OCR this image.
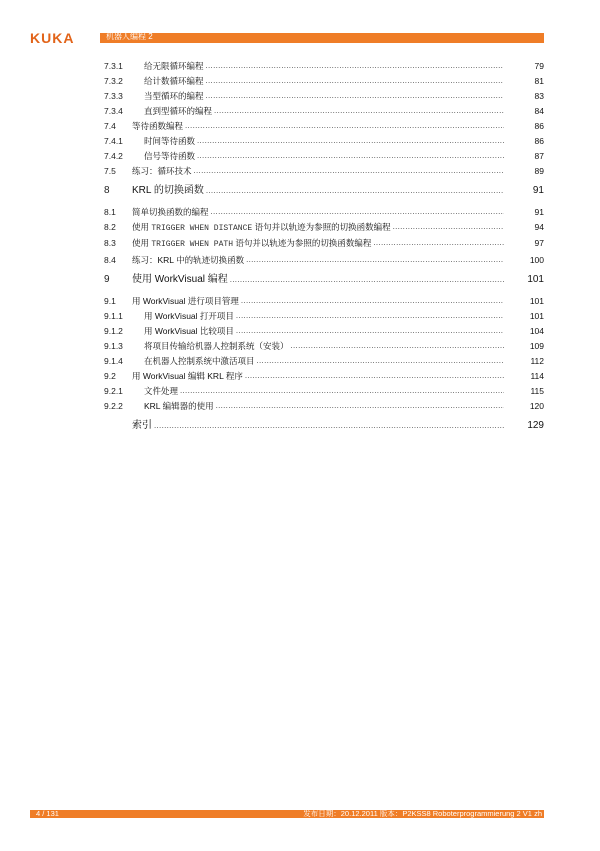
KUKA	机器人编程 2
7.3.1 给无限循环编程 .....	79
7.3.2 给计数循环编程 .....	81
7.3.3 当型循环的编程 .....	83
7.3.4 直到型循环的编程 .....	84
7.4 等待函数编程 .....	86
7.4.1 时间等待函数 .....	86
7.4.2 信号等待函数 .....	87
7.5 练习：循环技术 .....	89
8 KRL 的切换函数 .....	91
8.1 简单切换函数的编程 .....	91
8.2 使用 TRIGGER WHEN DISTANCE 语句并以轨迹为参照的切换函数编程 .....	94
8.3 使用 TRIGGER WHEN PATH 语句并以轨迹为参照的切换函数编程 .....	97
8.4 练习：KRL 中的轨迹切换函数 .....	100
9 使用 WorkVisual 编程 .....	101
9.1 用 WorkVisual 进行项目管理 .....	101
9.1.1 用 WorkVisual 打开项目 .....	101
9.1.2 用 WorkVisual 比较项目 .....	104
9.1.3 将项目传输给机器人控制系统（安装） .....	109
9.1.4 在机器人控制系统中激活项目 .....	112
9.2 用 WorkVisual 编辑 KRL 程序 .....	114
9.2.1 文件处理 .....	115
9.2.2 KRL 编辑器的使用 .....	120
索引 .....	129
4 / 131	发布日期：20.12.2011 版本：P2KSS8 Roboterprogrammierung 2 V1 zh
